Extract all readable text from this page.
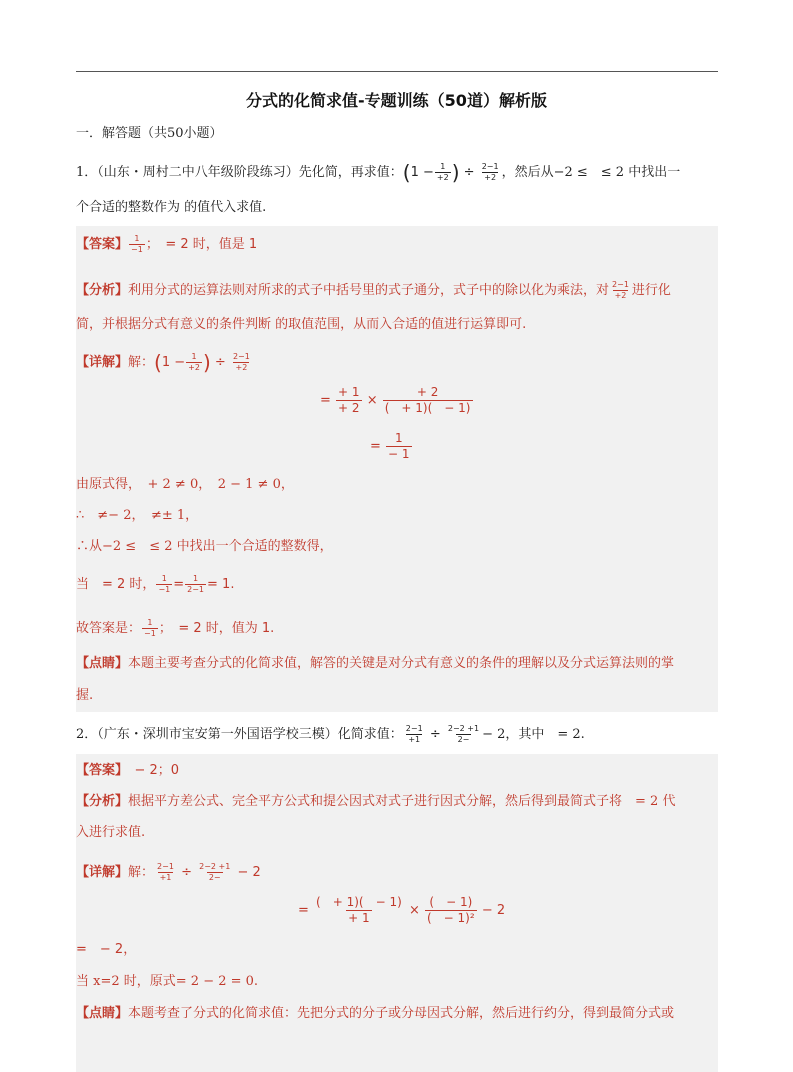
分式的化简求值-专题训练（50道）解析版
一．解答题（共50小题）
1．（山东・周村二中八年级阶段练习）先化简，再求值：($1 - \frac{1}{+2}$ ) ÷ $\frac{2-1}{+2}$ ，然后从−2 ≤　≤ 2 中找出一
个合适的整数作为 的值代入求值.
【答案】 $\frac{1}{-1}$ ；　= 2 时，值是 1
【分析】利用分式的运算法则对所求的式子中括号里的式子通分，式子中的除以化为乘法，对 $\frac{2-1}{+2}$ 进行化
简，并根据分式有意义的条件判断 的取值范围，从而入合适的值进行运算即可.
【详解】解：($1 - \frac{1}{+2}$ ) ÷ $\frac{2-1}{+2}$
= $\frac{+ 1}{+ 2} \times \frac{+ 2}{( + 1)( - 1)}$
= $\frac{1}{- 1}$
由原式得，　+ 2 ≠ 0，　2 − 1 ≠ 0，
∴　≠− 2，　≠± 1，
∴从−2 ≤　≤ 2 中找出一个合适的整数得，
当　= 2 时， $\frac{1}{-1} = \frac{1}{2-1} = 1$.
故答案是： $\frac{1}{-1}$ ；　= 2 时，值为 1.
【点睛】本题主要考查分式的化简求值，解答的关键是对分式有意义的条件的理解以及分式运算法则的掌
握.
2．（广东・深圳市宝安第一外国语学校三模）化简求值： $\frac{2-1}{+1} \div \frac{2-2 +1}{2-} - 2$，其中　= 2.
【答案】　− 2；0
【分析】根据平方差公式、完全平方公式和提公因式对式子进行因式分解，然后得到最简式子将　= 2 代
入进行求值.
【详解】解： $\frac{2-1}{+1} \div \frac{2-2 +1}{2-} - 2$
= $\frac{( + 1)( - 1)}{+ 1} \times \frac{( - 1)}{\text{(　− 1)²}} - 2$
=　− 2，
当 x=2 时，原式= 2 − 2 = 0.
【点睛】本题考查了分式的化简求值：先把分式的分子或分母因式分解，然后进行约分，得到最简分式或
